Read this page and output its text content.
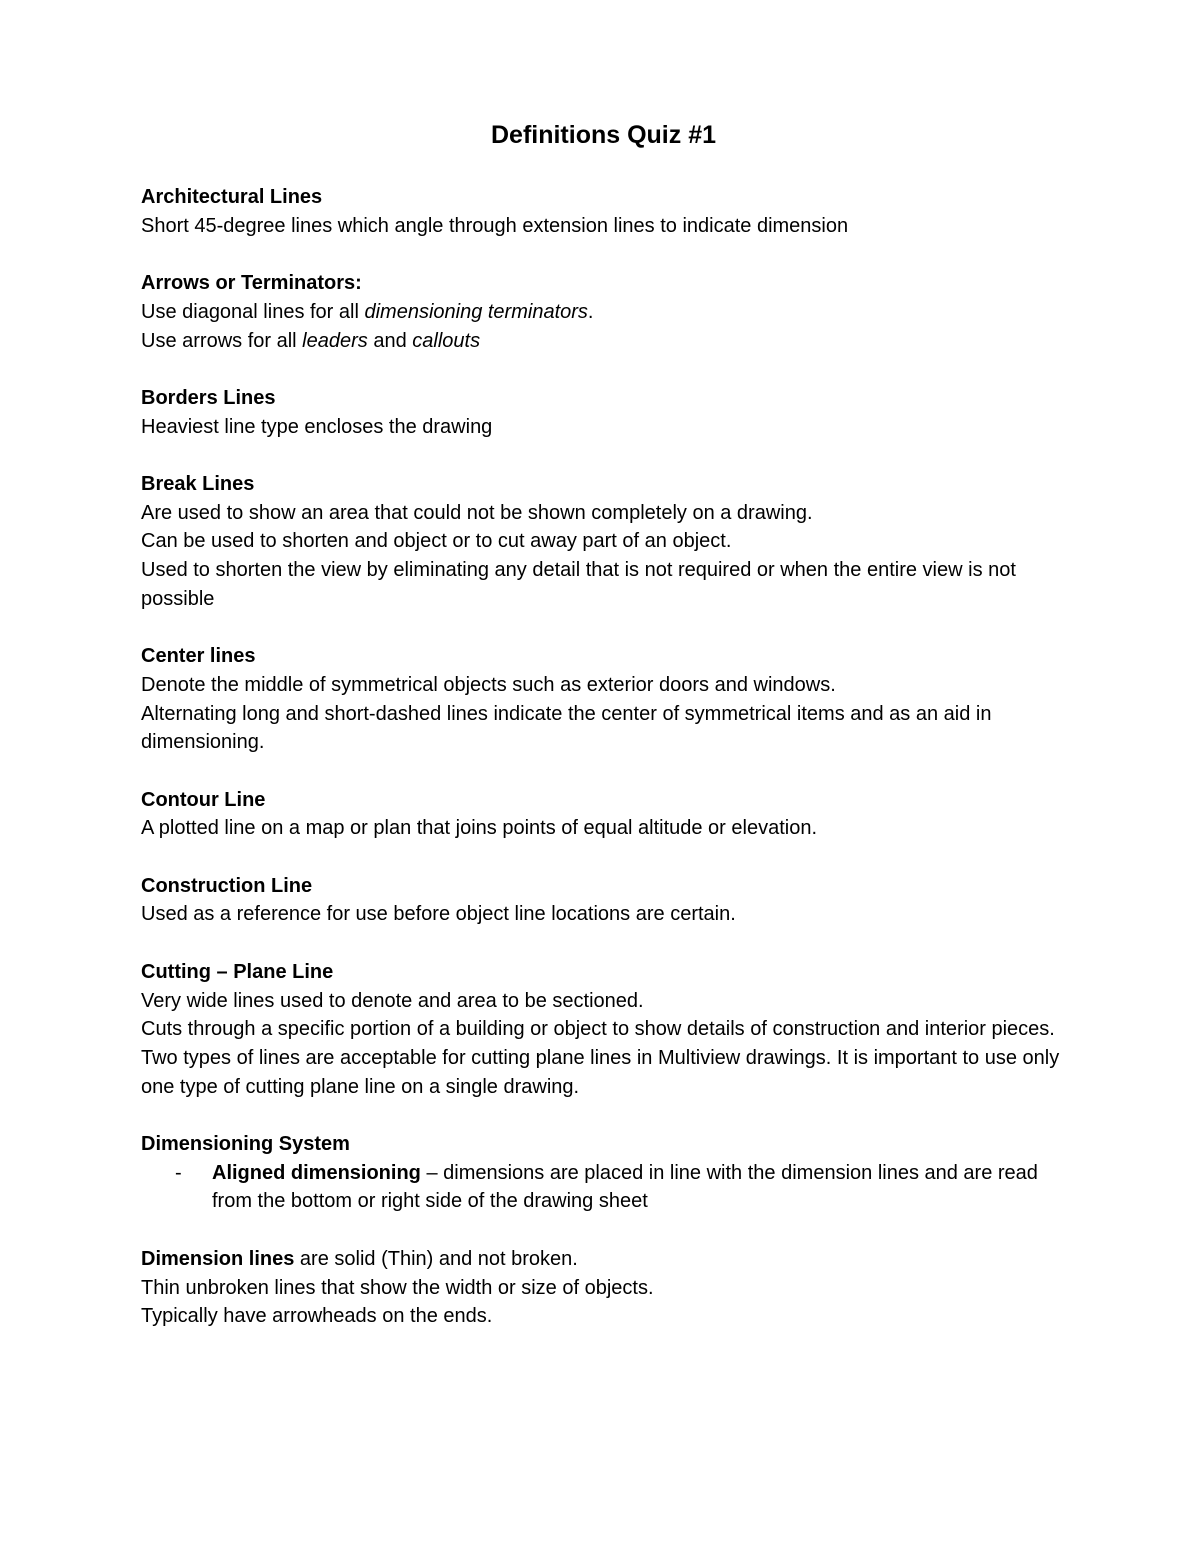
Definitions Quiz #1
Architectural Lines
Short 45-degree lines which angle through extension lines to indicate dimension
Arrows or Terminators:
Use diagonal lines for all dimensioning terminators.
Use arrows for all leaders and callouts
Borders Lines
Heaviest line type encloses the drawing
Break Lines
Are used to show an area that could not be shown completely on a drawing.
Can be used to shorten and object or to cut away part of an object.
Used to shorten the view by eliminating any detail that is not required or when the entire view is not possible
Center lines
Denote the middle of symmetrical objects such as exterior doors and windows.
Alternating long and short-dashed lines indicate the center of symmetrical items and as an aid in dimensioning.
Contour Line
A plotted line on a map or plan that joins points of equal altitude or elevation.
Construction Line
Used as a reference for use before object line locations are certain.
Cutting – Plane Line
Very wide lines used to denote and area to be sectioned.
Cuts through a specific portion of a building or object to show details of construction and interior pieces.
Two types of lines are acceptable for cutting plane lines in Multiview drawings. It is important to use only one type of cutting plane line on a single drawing.
Dimensioning System
-	Aligned dimensioning – dimensions are placed in line with the dimension lines and are read from the bottom or right side of the drawing sheet
Dimension lines are solid (Thin) and not broken.
Thin unbroken lines that show the width or size of objects.
Typically have arrowheads on the ends.
